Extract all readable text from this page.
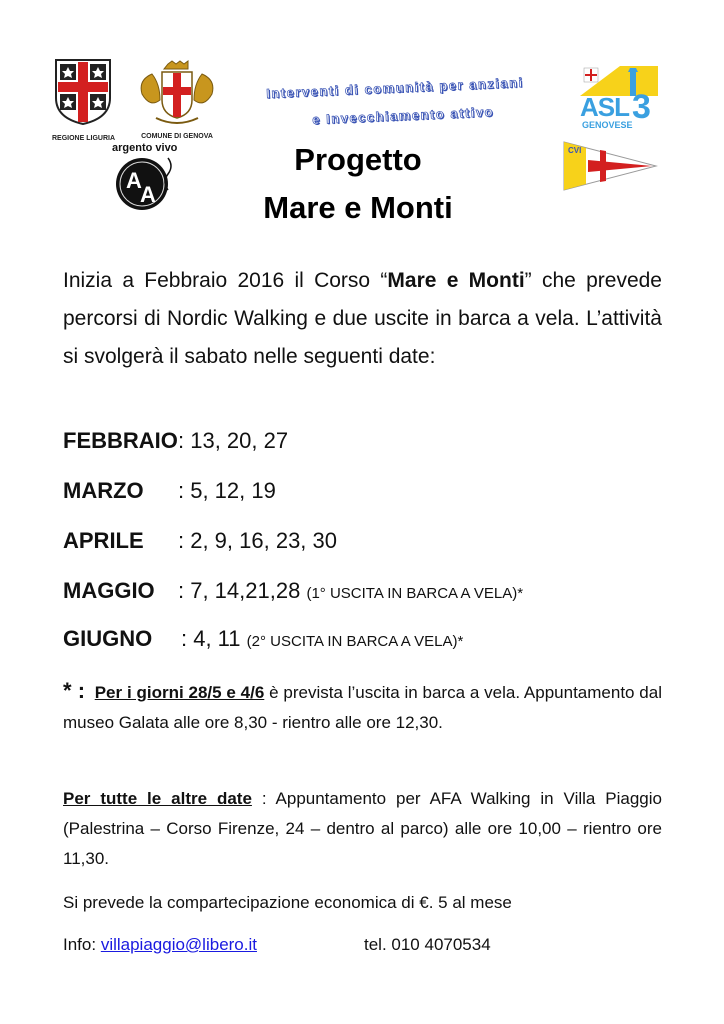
REGIONE LIGURIA	COMUNE DI GENOVA
Interventi di comunità per anziani
e Invecchiamento attivo	ASL 3
GENOVESE
argento vivo
A
A
CVI
Progetto
Mare e Monti
Inizia a Febbraio 2016 il Corso “Mare e Monti” che prevede percorsi di Nordic Walking e due uscite in barca a vela. L’attività si svolgerà il sabato nelle seguenti date:
FEBBRAIO: 13, 20, 27
MARZO : 5, 12, 19
APRILE : 2, 9, 16, 23, 30
MAGGIO : 7, 14,21,28 (1° USCITA IN BARCA A VELA)*
GIUGNO : 4, 11 (2° USCITA IN BARCA A VELA)*
* : Per i giorni 28/5 e 4/6 è prevista l’uscita in barca a vela. Appuntamento dal museo Galata alle ore 8,30 - rientro alle ore 12,30.
Per tutte le altre date : Appuntamento per AFA Walking in Villa Piaggio (Palestrina – Corso Firenze, 24 – dentro al parco) alle ore 10,00 – rientro ore 11,30.
Si prevede la compartecipazione economica di €. 5 al mese
Info: villapiaggio@libero.it	tel. 010 4070534
